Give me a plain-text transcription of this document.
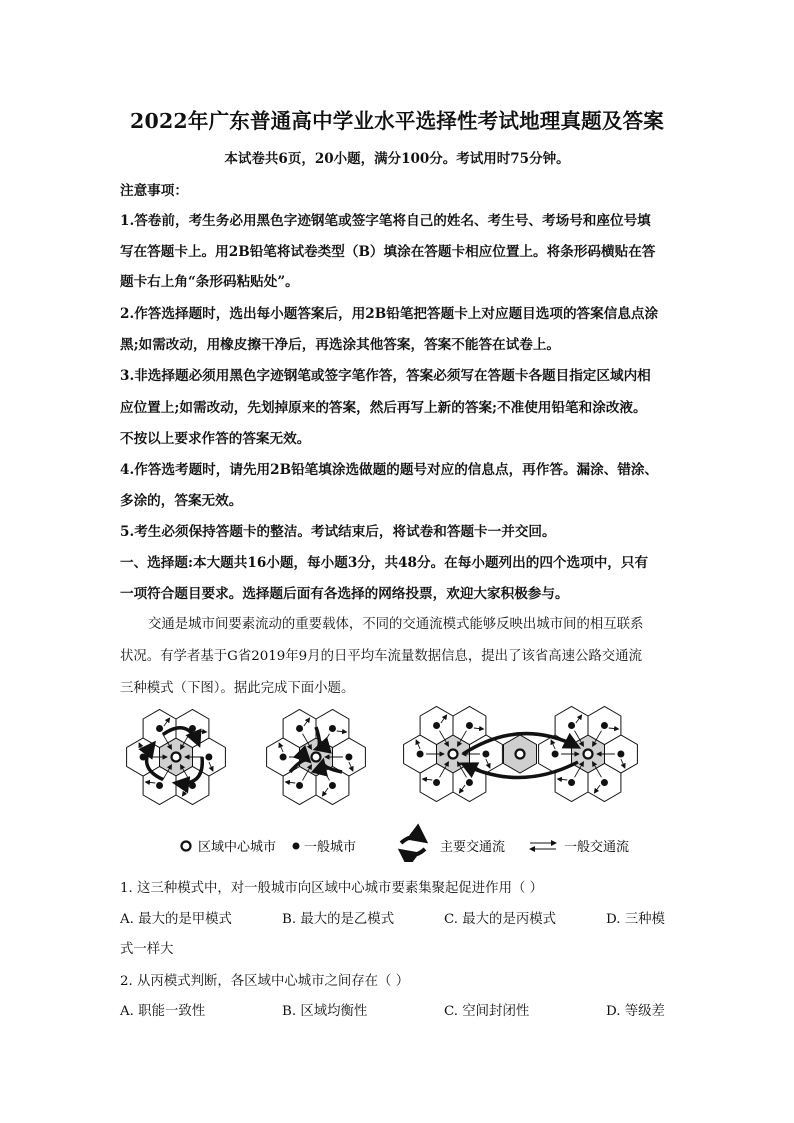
2022年广东普通高中学业水平选择性考试地理真题及答案
本试卷共6页，20小题，满分100分。考试用时75分钟。
注意事项：
1.答卷前，考生务必用黑色字迹钢笔或签字笔将自己的姓名、考生号、考场号和座位号填
写在答题卡上。用2B铅笔将试卷类型（B）填涂在答题卡相应位置上。将条形码横贴在答
题卡右上角“条形码粘贴处”。
2.作答选择题时，选出每小题答案后，用2B铅笔把答题卡上对应题目选项的答案信息点涂
黑;如需改动，用橡皮擦干净后，再选涂其他答案，答案不能答在试卷上。
3.非选择题必须用黑色字迹钢笔或签字笔作答，答案必须写在答题卡各题目指定区域内相
应位置上;如需改动，先划掉原来的答案，然后再写上新的答案;不准使用铅笔和涂改液。
不按以上要求作答的答案无效。
4.作答选考题时，请先用2B铅笔填涂选做题的题号对应的信息点，再作答。漏涂、错涂、
多涂的，答案无效。
5.考生必须保持答题卡的整洁。考试结束后，将试卷和答题卡一并交回。
一、选择题:本大题共16小题，每小题3分，共48分。在每小题列出的四个选项中，只有
一项符合题目要求。选择题后面有各选择的网络投票，欢迎大家积极参与。
交通是城市间要素流动的重要载体，不同的交通流模式能够反映出城市间的相互联系
状况。有学者基于G省2019年9月的日平均车流量数据信息，提出了该省高速公路交通流
三种模式（下图）。据此完成下面小题。
区域中心城市 一般城市	主要交通流	一般交通流
1. 这三种模式中，对一般城市向区域中心城市要素集聚起促进作用（ ）
A. 最大的是甲模式	B. 最大的是乙模式	C. 最大的是丙模式	D. 三种模
式一样大
2. 从丙模式判断，各区域中心城市之间存在（ ）
A. 职能一致性	B. 区域均衡性	C. 空间封闭性	D. 等级差
